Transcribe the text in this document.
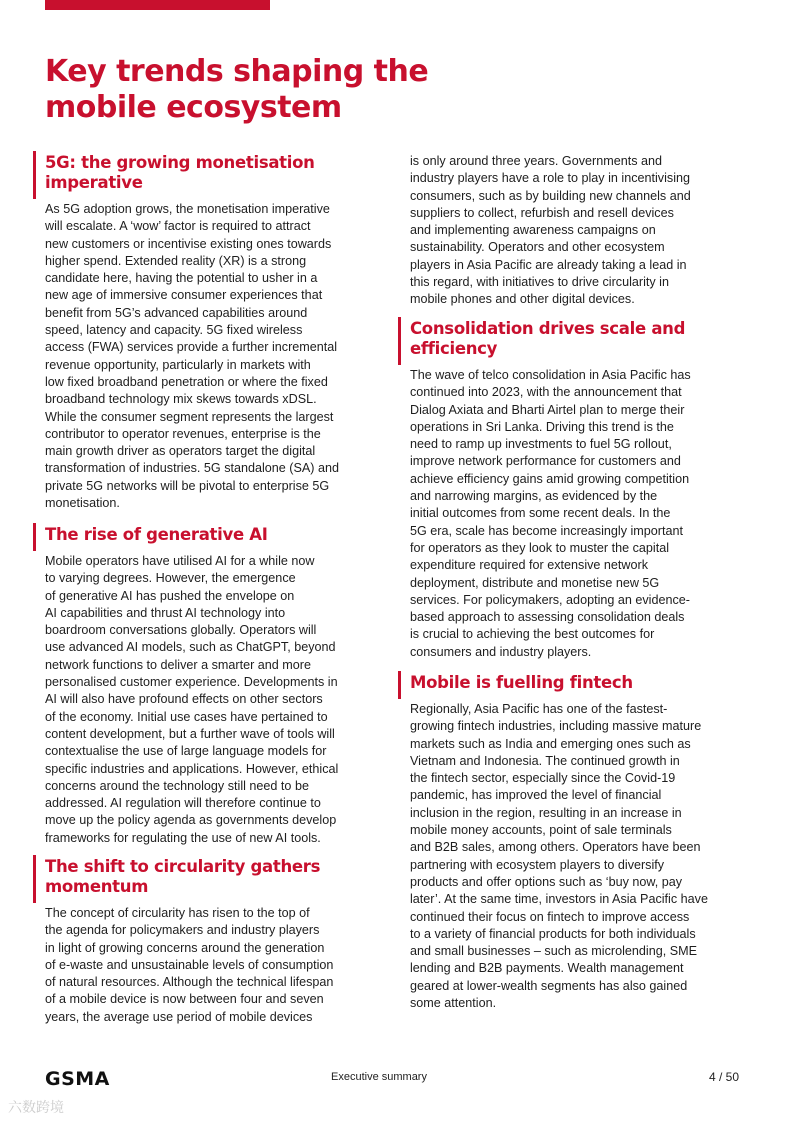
Key trends shaping the
mobile ecosystem
5G: the growing monetisation
imperative

As 5G adoption grows, the monetisation imperative
will escalate. A ‘wow’ factor is required to attract
new customers or incentivise existing ones towards
higher spend. Extended reality (XR) is a strong
candidate here, having the potential to usher in a
new age of immersive consumer experiences that
benefit from 5G’s advanced capabilities around
speed, latency and capacity. 5G fixed wireless
access (FWA) services provide a further incremental
revenue opportunity, particularly in markets with
low fixed broadband penetration or where the fixed
broadband technology mix skews towards xDSL.
While the consumer segment represents the largest
contributor to operator revenues, enterprise is the
main growth driver as operators target the digital
transformation of industries. 5G standalone (SA) and
private 5G networks will be pivotal to enterprise 5G
monetisation.

The rise of generative AI

Mobile operators have utilised AI for a while now
to varying degrees. However, the emergence
of generative AI has pushed the envelope on
AI capabilities and thrust AI technology into
boardroom conversations globally. Operators will
use advanced AI models, such as ChatGPT, beyond
network functions to deliver a smarter and more
personalised customer experience. Developments in
AI will also have profound effects on other sectors
of the economy. Initial use cases have pertained to
content development, but a further wave of tools will
contextualise the use of large language models for
specific industries and applications. However, ethical
concerns around the technology still need to be
addressed. AI regulation will therefore continue to
move up the policy agenda as governments develop
frameworks for regulating the use of new AI tools.

The shift to circularity gathers
momentum

The concept of circularity has risen to the top of
the agenda for policymakers and industry players
in light of growing concerns around the generation
of e-waste and unsustainable levels of consumption
of natural resources. Although the technical lifespan
of a mobile device is now between four and seven
years, the average use period of mobile devices

is only around three years. Governments and
industry players have a role to play in incentivising
consumers, such as by building new channels and
suppliers to collect, refurbish and resell devices
and implementing awareness campaigns on
sustainability. Operators and other ecosystem
players in Asia Pacific are already taking a lead in
this regard, with initiatives to drive circularity in
mobile phones and other digital devices.

Consolidation drives scale and
efficiency

The wave of telco consolidation in Asia Pacific has
continued into 2023, with the announcement that
Dialog Axiata and Bharti Airtel plan to merge their
operations in Sri Lanka. Driving this trend is the
need to ramp up investments to fuel 5G rollout,
improve network performance for customers and
achieve efficiency gains amid growing competition
and narrowing margins, as evidenced by the
initial outcomes from some recent deals. In the
5G era, scale has become increasingly important
for operators as they look to muster the capital
expenditure required for extensive network
deployment, distribute and monetise new 5G
services. For policymakers, adopting an evidence-
based approach to assessing consolidation deals
is crucial to achieving the best outcomes for
consumers and industry players.

Mobile is fuelling fintech

Regionally, Asia Pacific has one of the fastest-
growing fintech industries, including massive mature
markets such as India and emerging ones such as
Vietnam and Indonesia. The continued growth in
the fintech sector, especially since the Covid-19
pandemic, has improved the level of financial
inclusion in the region, resulting in an increase in
mobile money accounts, point of sale terminals
and B2B sales, among others. Operators have been
partnering with ecosystem players to diversify
products and offer options such as ‘buy now, pay
later’. At the same time, investors in Asia Pacific have
continued their focus on fintech to improve access
to a variety of financial products for both individuals
and small businesses – such as microlending, SME
lending and B2B payments. Wealth management
geared at lower-wealth segments has also gained
some attention.

GSMA	Executive summary	4 / 50
六数跨境
